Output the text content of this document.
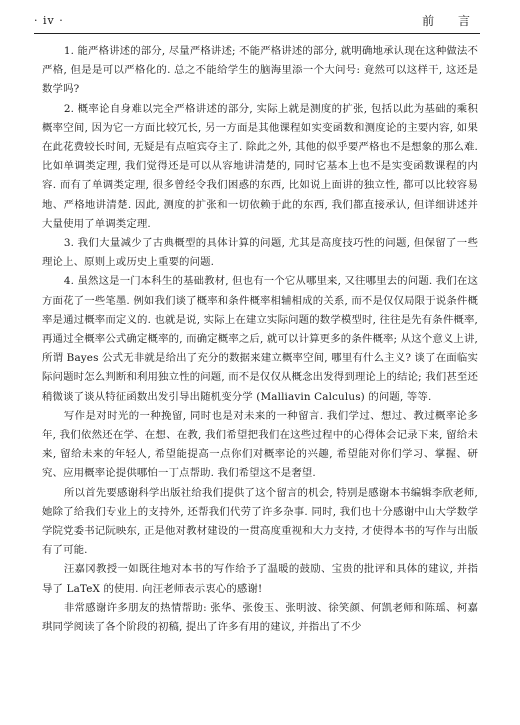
· iv ·	前 言

1. 能严格讲述的部分, 尽量严格讲述; 不能严格讲述的部分, 就明确地承认现在这种做法不严格, 但是是可以严格化的. 总之不能给学生的脑海里添一个大问号: 竟然可以这样干, 这还是数学吗?

2. 概率论自身难以完全严格讲述的部分, 实际上就是测度的扩张, 包括以此为基础的乘积概率空间, 因为它一方面比较冗长, 另一方面是其他课程如实变函数和测度论的主要内容, 如果在此花费较长时间, 无疑是有点喧宾夺主了. 除此之外, 其他的似乎要严格也不是想象的那么难. 比如单调类定理, 我们觉得还是可以从容地讲清楚的, 同时它基本上也不是实变函数课程的内容. 而有了单调类定理, 很多曾经令我们困惑的东西, 比如说上面讲的独立性, 都可以比较容易地、严格地讲清楚. 因此, 测度的扩张和一切依赖于此的东西, 我们都直接承认, 但详细讲述并大量使用了单调类定理.

3. 我们大量减少了古典概型的具体计算的问题, 尤其是高度技巧性的问题, 但保留了一些理论上、原则上或历史上重要的问题.

4. 虽然这是一门本科生的基础教材, 但也有一个它从哪里来, 又往哪里去的问题. 我们在这方面花了一些笔墨. 例如我们谈了概率和条件概率相辅相成的关系, 而不是仅仅局限于说条件概率是通过概率而定义的. 也就是说, 实际上在建立实际问题的数学模型时, 往往是先有条件概率, 再通过全概率公式确定概率的, 而确定概率之后, 就可以计算更多的条件概率; 从这个意义上讲, 所谓 Bayes 公式无非就是给出了充分的数据来建立概率空间, 哪里有什么主义? 谈了在面临实际问题时怎么判断和利用独立性的问题, 而不是仅仅从概念出发得到理论上的结论; 我们甚至还稍微谈了谈从特征函数出发引导出随机变分学 (Malliavin Calculus) 的问题, 等等.

写作是对时光的一种挽留, 同时也是对未来的一种留言. 我们学过、想过、教过概率论多年, 我们依然还在学、在想、在教, 我们希望把我们在这些过程中的心得体会记录下来, 留给未来, 留给未来的年轻人, 希望能提高一点你们对概率论的兴趣, 希望能对你们学习、掌握、研究、应用概率论提供哪怕一丁点帮助. 我们希望这不是奢望.

所以首先要感谢科学出版社给我们提供了这个留言的机会, 特别是感谢本书编辑李欣老师, 她除了给我们专业上的支持外, 还帮我们代劳了许多杂事. 同时, 我们也十分感谢中山大学数学学院党委书记阮映东, 正是他对教材建设的一贯高度重视和大力支持, 才使得本书的写作与出版有了可能.

汪嘉冈教授一如既往地对本书的写作给予了温暖的鼓励、宝贵的批评和具体的建议, 并指导了 LaTeX 的使用. 向汪老师表示衷心的感谢!

非常感谢许多朋友的热情帮助: 张华、张俊玉、张明波、徐笑颜、何凯老师和陈瑶、柯嘉琪同学阅读了各个阶段的初稿, 提出了许多有用的建议, 并指出了不少
